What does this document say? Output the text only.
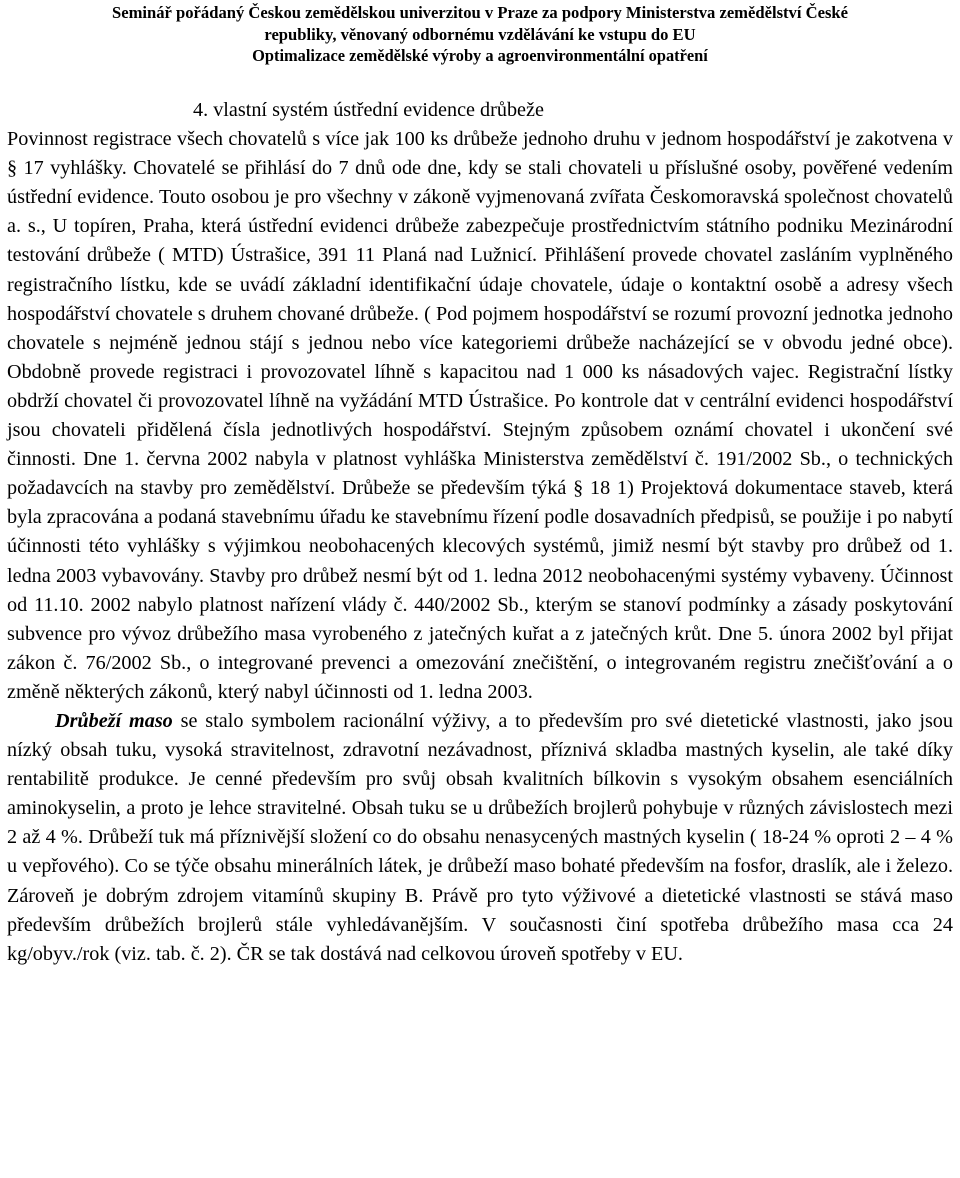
Seminář pořádaný Českou zemědělskou univerzitou v Praze za podpory Ministerstva zemědělství České
republiky, věnovaný odbornému vzdělávání ke vstupu do EU
Optimalizace zemědělské výroby a agroenvironmentální opatření
4. vlastní systém ústřední evidence drůbeže

Povinnost registrace všech chovatelů s více jak 100 ks drůbeže jednoho druhu v jednom hospodářství je zakotvena v § 17 vyhlášky. Chovatelé se přihlásí do 7 dnů ode dne, kdy se stali chovateli u příslušné osoby, pověřené vedením ústřední evidence. Touto osobou je pro všechny v zákoně vyjmenovaná zvířata Českomoravská společnost chovatelů a. s., U topíren, Praha, která ústřední evidenci drůbeže zabezpečuje prostřednictvím státního podniku Mezinárodní testování drůbeže ( MTD) Ústrašice, 391 11 Planá nad Lužnicí. Přihlášení provede chovatel zasláním vyplněného registračního lístku, kde se uvádí základní identifikační údaje chovatele, údaje o kontaktní osobě a adresy všech hospodářství chovatele s druhem chované drůbeže. ( Pod pojmem hospodářství se rozumí provozní jednotka jednoho chovatele s nejméně jednou stájí s jednou nebo více kategoriemi drůbeže nacházející se v obvodu jedné obce). Obdobně provede registraci i provozovatel líhně s kapacitou nad 1 000 ks násadových vajec. Registrační lístky obdrží chovatel či provozovatel líhně na vyžádání MTD Ústrašice. Po kontrole dat v centrální evidenci hospodářství jsou chovateli přidělená čísla jednotlivých hospodářství. Stejným způsobem oznámí chovatel i ukončení své činnosti. Dne 1. června 2002 nabyla v platnost vyhláška Ministerstva zemědělství č. 191/2002 Sb., o technických požadavcích na stavby pro zemědělství. Drůbeže se především týká § 18 1) Projektová dokumentace staveb, která byla zpracována a podaná stavebnímu úřadu ke stavebnímu řízení podle dosavadních předpisů, se použije i po nabytí účinnosti této vyhlášky s výjimkou neobohacených klecových systémů, jimiž nesmí být stavby pro drůbež od 1. ledna 2003 vybavovány. Stavby pro drůbež nesmí být od 1. ledna 2012 neobohacenými systémy vybaveny. Účinnost od 11.10. 2002 nabylo platnost nařízení vlády č. 440/2002 Sb., kterým se stanoví podmínky a zásady poskytování subvence pro vývoz drůbežího masa vyrobeného z jatečných kuřat a z jatečných krůt. Dne 5. února 2002 byl přijat zákon č. 76/2002 Sb., o integrované prevenci a omezování znečištění, o integrovaném registru znečišťování a o změně některých zákonů, který nabyl účinnosti od 1. ledna 2003.

Drůbeží maso se stalo symbolem racionální výživy, a to především pro své dietetické vlastnosti, jako jsou nízký obsah tuku, vysoká stravitelnost, zdravotní nezávadnost, příznivá skladba mastných kyselin, ale také díky rentabilitě produkce. Je cenné především pro svůj obsah kvalitních bílkovin s vysokým obsahem esenciálních aminokyselin, a proto je lehce stravitelné. Obsah tuku se u drůbežích brojlerů pohybuje v různých závislostech mezi 2 až 4 %. Drůbeží tuk má příznivější složení co do obsahu nenasycených mastných kyselin ( 18-24 % oproti 2 – 4 % u vepřového). Co se týče obsahu minerálních látek, je drůbeží maso bohaté především na fosfor, draslík, ale i železo. Zároveň je dobrým zdrojem vitamínů skupiny B. Právě pro tyto výživové a dietetické vlastnosti se stává maso především drůbežích brojlerů stále vyhledávanějším. V současnosti činí spotřeba drůbežího masa cca 24 kg/obyv./rok (viz. tab. č. 2). ČR se tak dostává nad celkovou úroveň spotřeby v EU.
